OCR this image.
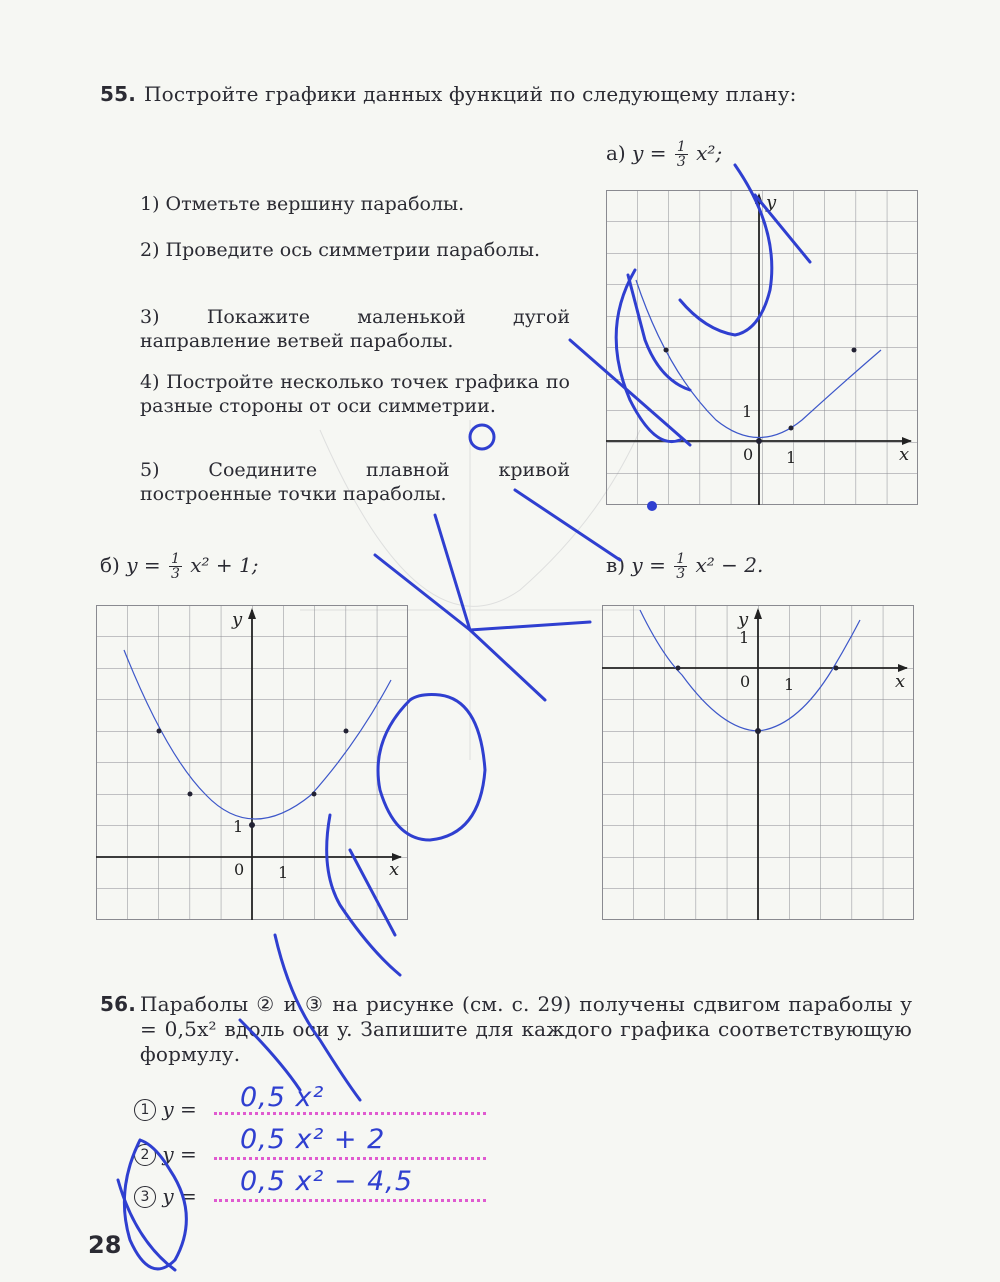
55. Постройте графики данных функций по следующему плану:
1) Отметьте вершину параболы.
2) Проведите ось симметрии параболы.
3) Покажите маленькой дугой направление ветвей параболы.
4) Постройте несколько точек графика по разные стороны от оси симметрии.
5) Соедините плавной кривой построенные точки параболы.
а) $y = \frac{1}{3} x^2$;
б) $y = \frac{1}{3} x^2 + 1$;	в) $y = \frac{1}{3} x^2 - 2$.
y
x
0 1
1
y
x
0 1
1
y
x
0 1
1
56. Параболы ② и ③ на рисунке (см. с. 29) получены сдвигом параболы y = 0,5x² вдоль оси y. Запишите для каждого графика соответствующую формулу.
1 y = 0,5 x²
2 y = 0,5 x² + 2
3 y = 0,5 x² − 4,5
28
